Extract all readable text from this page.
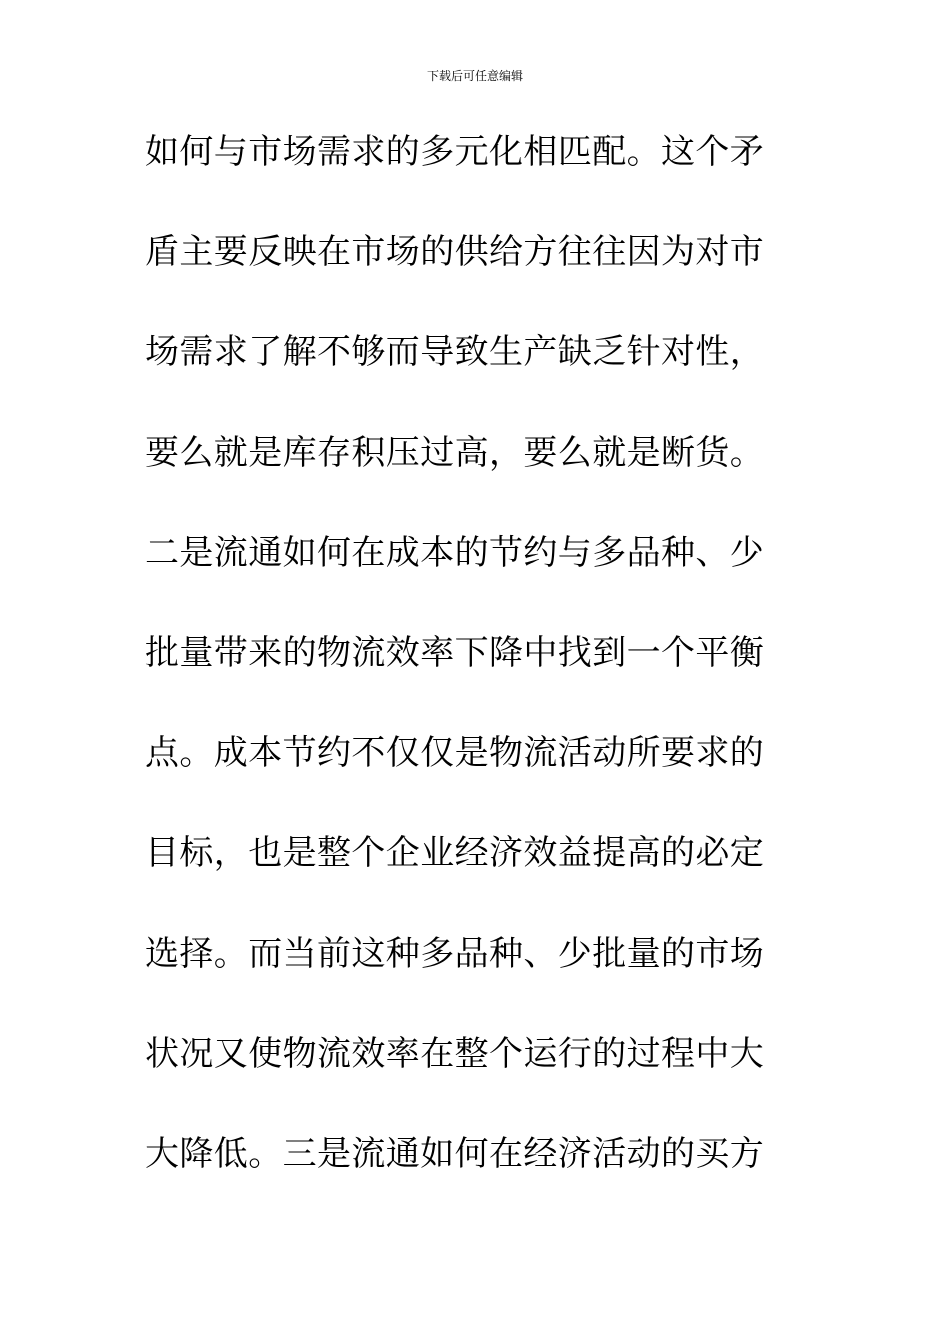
下载后可任意编辑
如何与市场需求的多元化相匹配。这个矛
盾主要反映在市场的供给方往往因为对市
场需求了解不够而导致生产缺乏针对性，
要么就是库存积压过高，要么就是断货。
二是流通如何在成本的节约与多品种、少
批量带来的物流效率下降中找到一个平衡
点。成本节约不仅仅是物流活动所要求的
目标，也是整个企业经济效益提高的必定
选择。而当前这种多品种、少批量的市场
状况又使物流效率在整个运行的过程中大
大降低。三是流通如何在经济活动的买方
